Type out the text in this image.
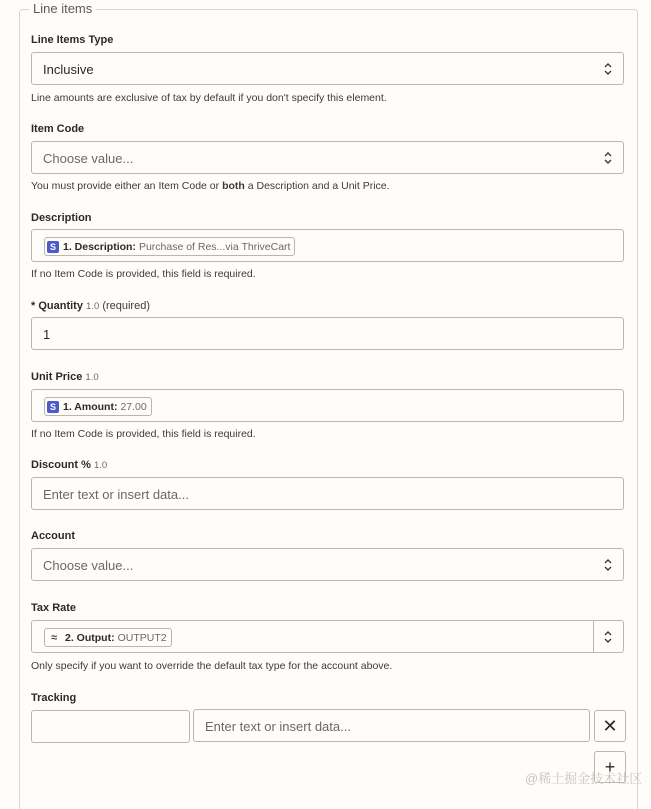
Line items
Line Items Type
Inclusive
Line amounts are exclusive of tax by default if you don't specify this element.
Item Code
Choose value...
You must provide either an Item Code or both a Description and a Unit Price.
Description
S 1. Description: Purchase of Res...via ThriveCart
If no Item Code is provided, this field is required.
* Quantity 1.0 (required)
1
Unit Price 1.0
S 1. Amount: 27.00
If no Item Code is provided, this field is required.
Discount % 1.0
Enter text or insert data...
Account
Choose value...
Tax Rate
≈ 2. Output: OUTPUT2
Only specify if you want to override the default tax type for the account above.
Tracking
Enter text or insert data...	✕
+
@稀土掘金技术社区
